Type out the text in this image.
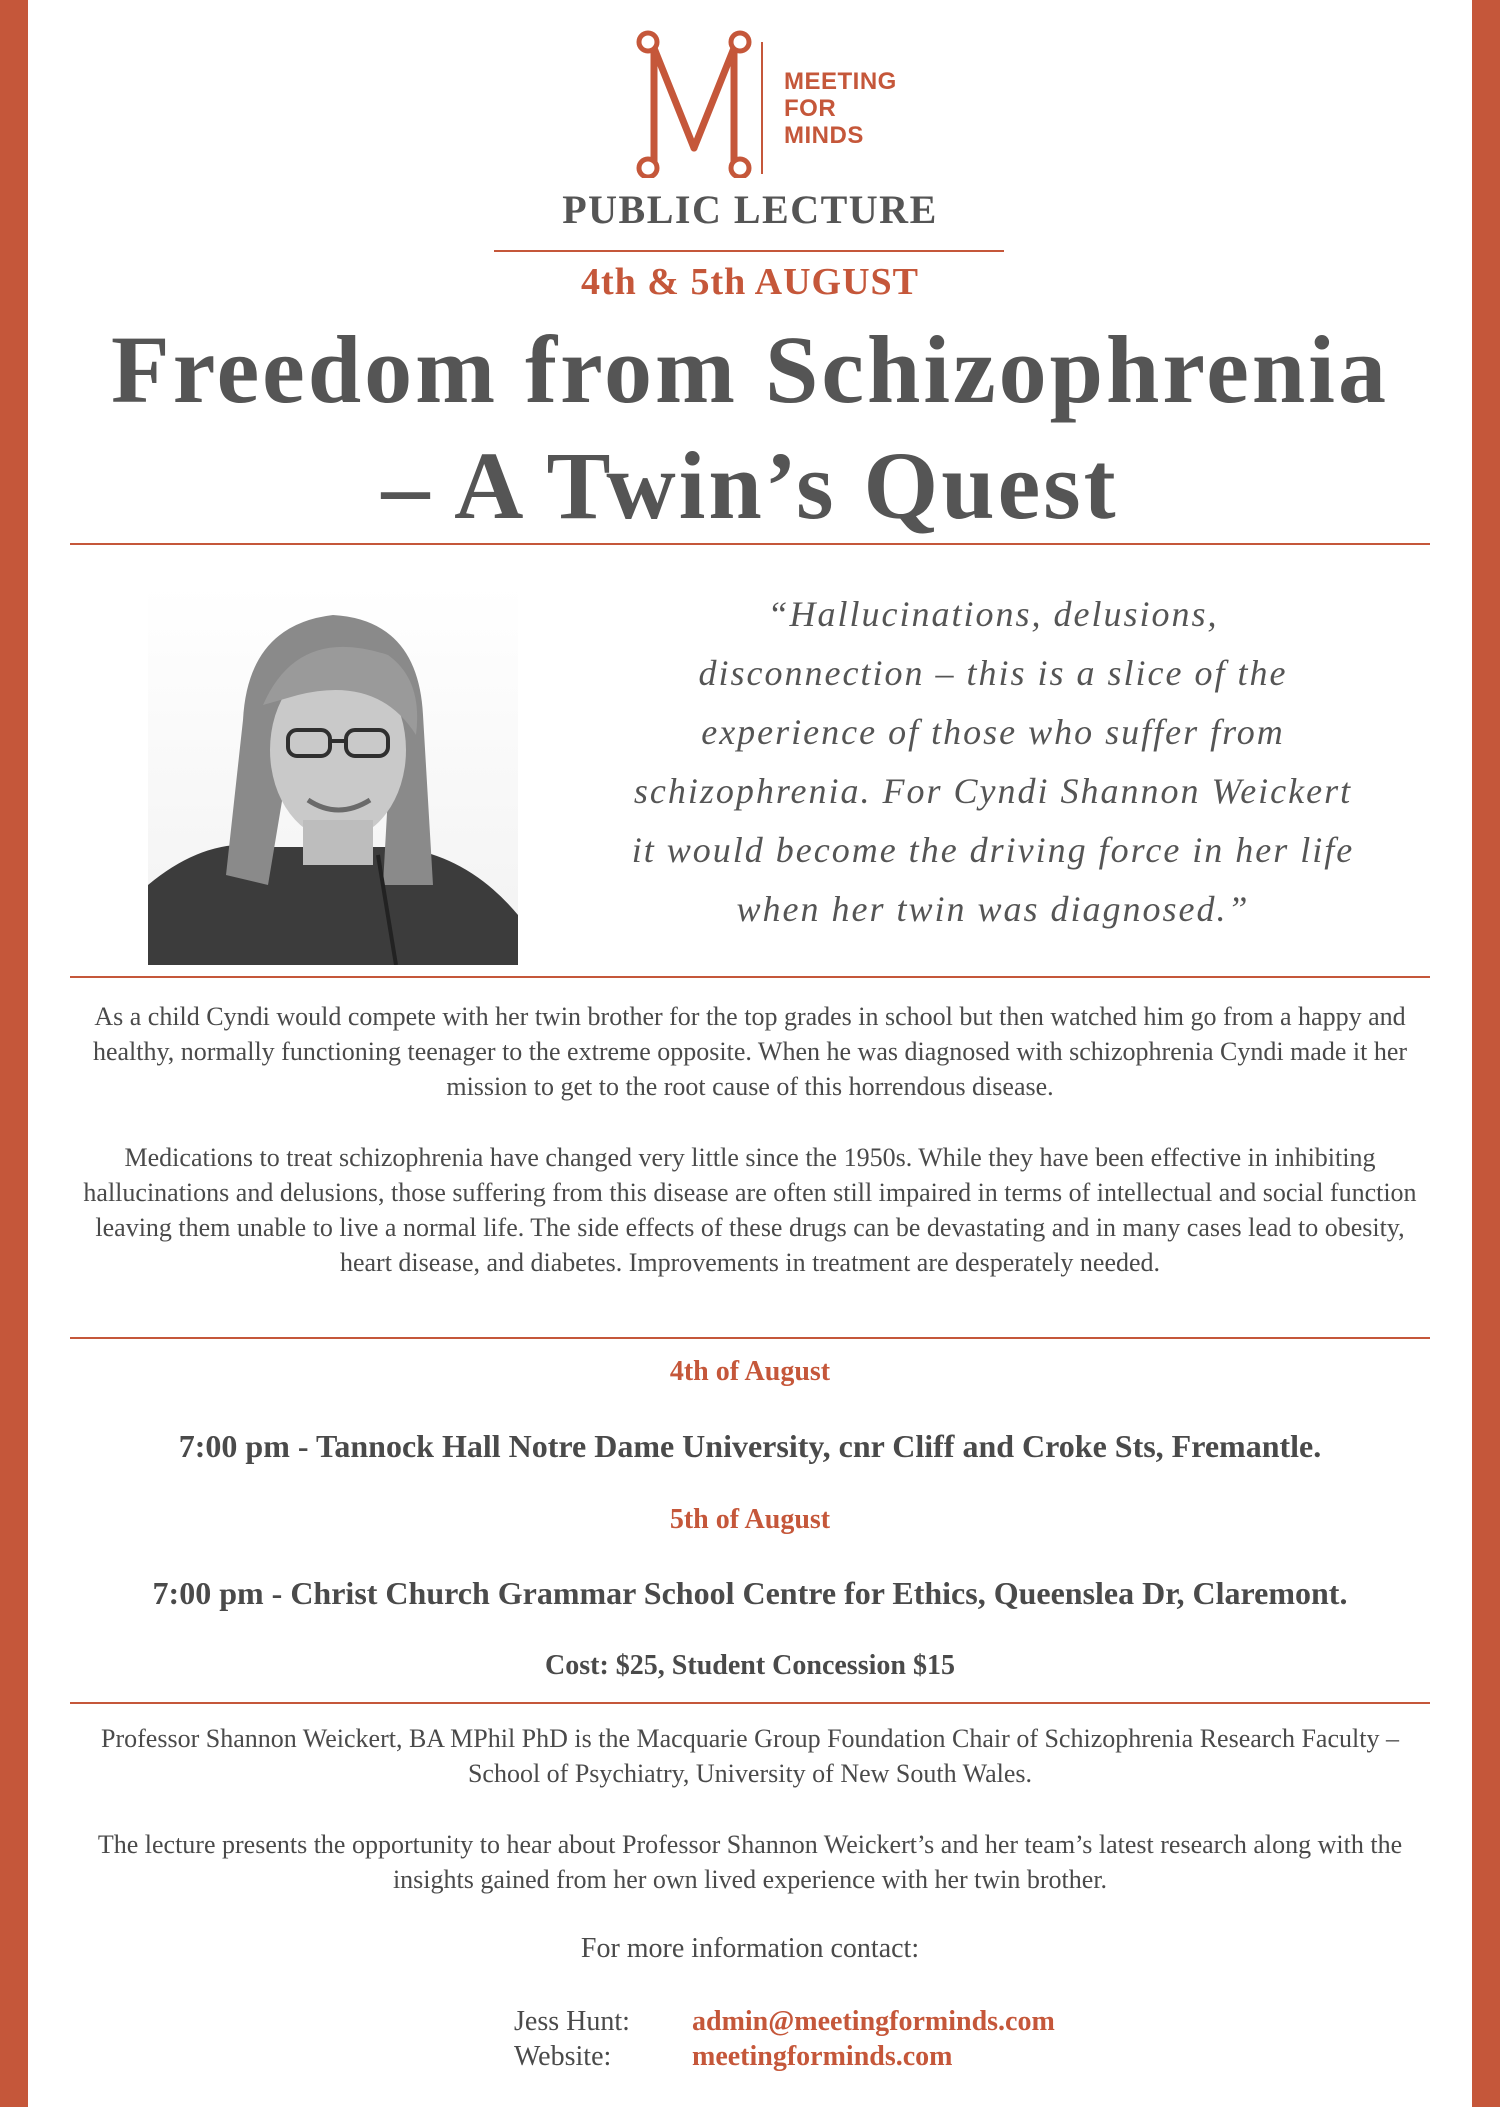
MEETING
FOR
MINDS
PUBLIC LECTURE
4th & 5th AUGUST
Freedom from Schizophrenia
– A Twin’s Quest
“Hallucinations, delusions,
disconnection – this is a slice of the
experience of those who suffer from
schizophrenia. For Cyndi Shannon Weickert
it would become the driving force in her life
when her twin was diagnosed.”
As a child Cyndi would compete with her twin brother for the top grades in school but then watched him go from a happy and healthy, normally functioning teenager to the extreme opposite. When he was diagnosed with schizophrenia Cyndi made it her mission to get to the root cause of this horrendous disease.
Medications to treat schizophrenia have changed very little since the 1950s. While they have been effective in inhibiting hallucinations and delusions, those suffering from this disease are often still impaired in terms of intellectual and social function leaving them unable to live a normal life. The side effects of these drugs can be devastating and in many cases lead to obesity, heart disease, and diabetes. Improvements in treatment are desperately needed.
4th of August
7:00 pm - Tannock Hall Notre Dame University, cnr Cliff and Croke Sts, Fremantle.
5th of August
7:00 pm - Christ Church Grammar School Centre for Ethics, Queenslea Dr, Claremont.
Cost: $25, Student Concession $15
Professor Shannon Weickert, BA MPhil PhD is the Macquarie Group Foundation Chair of Schizophrenia Research Faculty – School of Psychiatry, University of New South Wales.
The lecture presents the opportunity to hear about Professor Shannon Weickert’s and her team’s latest research along with the insights gained from her own lived experience with her twin brother.
For more information contact:
Jess Hunt:	admin@meetingforminds.com
Website:	meetingforminds.com
